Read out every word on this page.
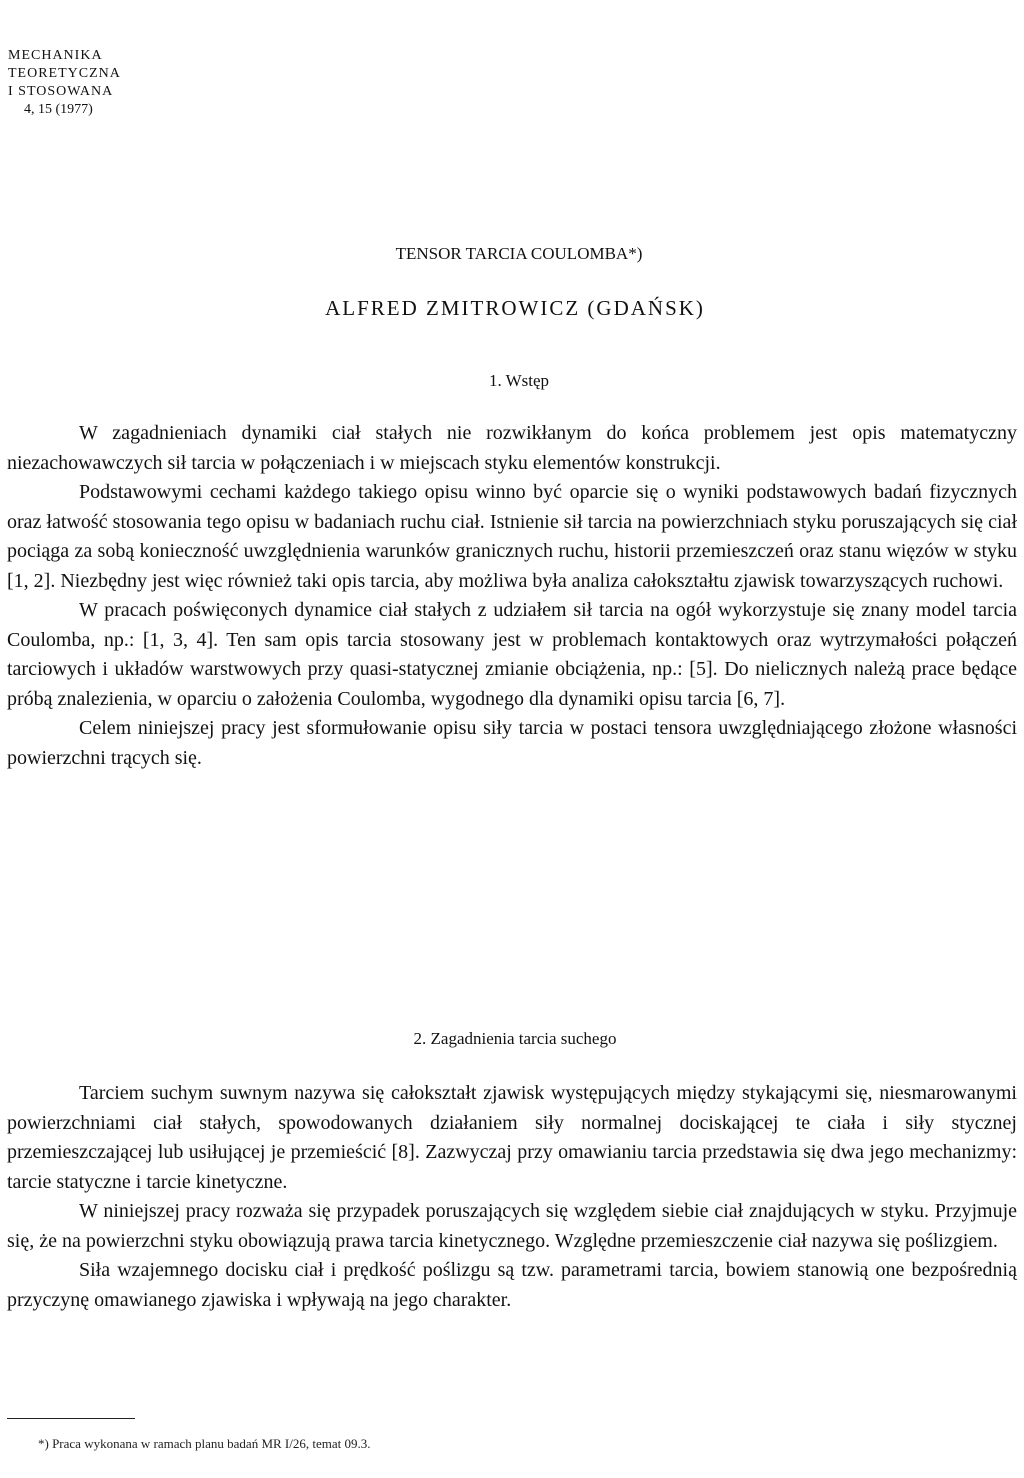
MECHANIKA
TEORETYCZNA
I STOSOWANA
4, 15 (1977)
TENSOR TARCIA COULOMBA*)
ALFRED ZMITROWICZ (GDAŃSK)
1. Wstęp

W zagadnieniach dynamiki ciał stałych nie rozwikłanym do końca problemem jest opis matematyczny niezachowawczych sił tarcia w połączeniach i w miejscach styku elementów konstrukcji.

Podstawowymi cechami każdego takiego opisu winno być oparcie się o wyniki podstawowych badań fizycznych oraz łatwość stosowania tego opisu w badaniach ruchu ciał. Istnienie sił tarcia na powierzchniach styku poruszających się ciał pociąga za sobą konieczność uwzględnienia warunków granicznych ruchu, historii przemieszczeń oraz stanu więzów w styku [1, 2]. Niezbędny jest więc również taki opis tarcia, aby możliwa była analiza całokształtu zjawisk towarzyszących ruchowi.

W pracach poświęconych dynamice ciał stałych z udziałem sił tarcia na ogół wykorzystuje się znany model tarcia Coulomba, np.: [1, 3, 4]. Ten sam opis tarcia stosowany jest w problemach kontaktowych oraz wytrzymałości połączeń tarciowych i układów warstwowych przy quasi-statycznej zmianie obciążenia, np.: [5]. Do nielicznych należą prace będące próbą znalezienia, w oparciu o założenia Coulomba, wygodnego dla dynamiki opisu tarcia [6, 7].

Celem niniejszej pracy jest sformułowanie opisu siły tarcia w postaci tensora uwzględniającego złożone własności powierzchni trących się.

2. Zagadnienia tarcia suchego

Tarciem suchym suwnym nazywa się całokształt zjawisk występujących między stykającymi się, niesmarowanymi powierzchniami ciał stałych, spowodowanych działaniem siły normalnej dociskającej te ciała i siły stycznej przemieszczającej lub usiłującej je przemieścić [8]. Zazwyczaj przy omawianiu tarcia przedstawia się dwa jego mechanizmy: tarcie statyczne i tarcie kinetyczne.

W niniejszej pracy rozważa się przypadek poruszających się względem siebie ciał znajdujących w styku. Przyjmuje się, że na powierzchni styku obowiązują prawa tarcia kinetycznego. Względne przemieszczenie ciał nazywa się poślizgiem.

Siła wzajemnego docisku ciał i prędkość poślizgu są tzw. parametrami tarcia, bowiem stanowią one bezpośrednią przyczynę omawianego zjawiska i wpływają na jego charakter.

*) Praca wykonana w ramach planu badań MR I/26, temat 09.3.
